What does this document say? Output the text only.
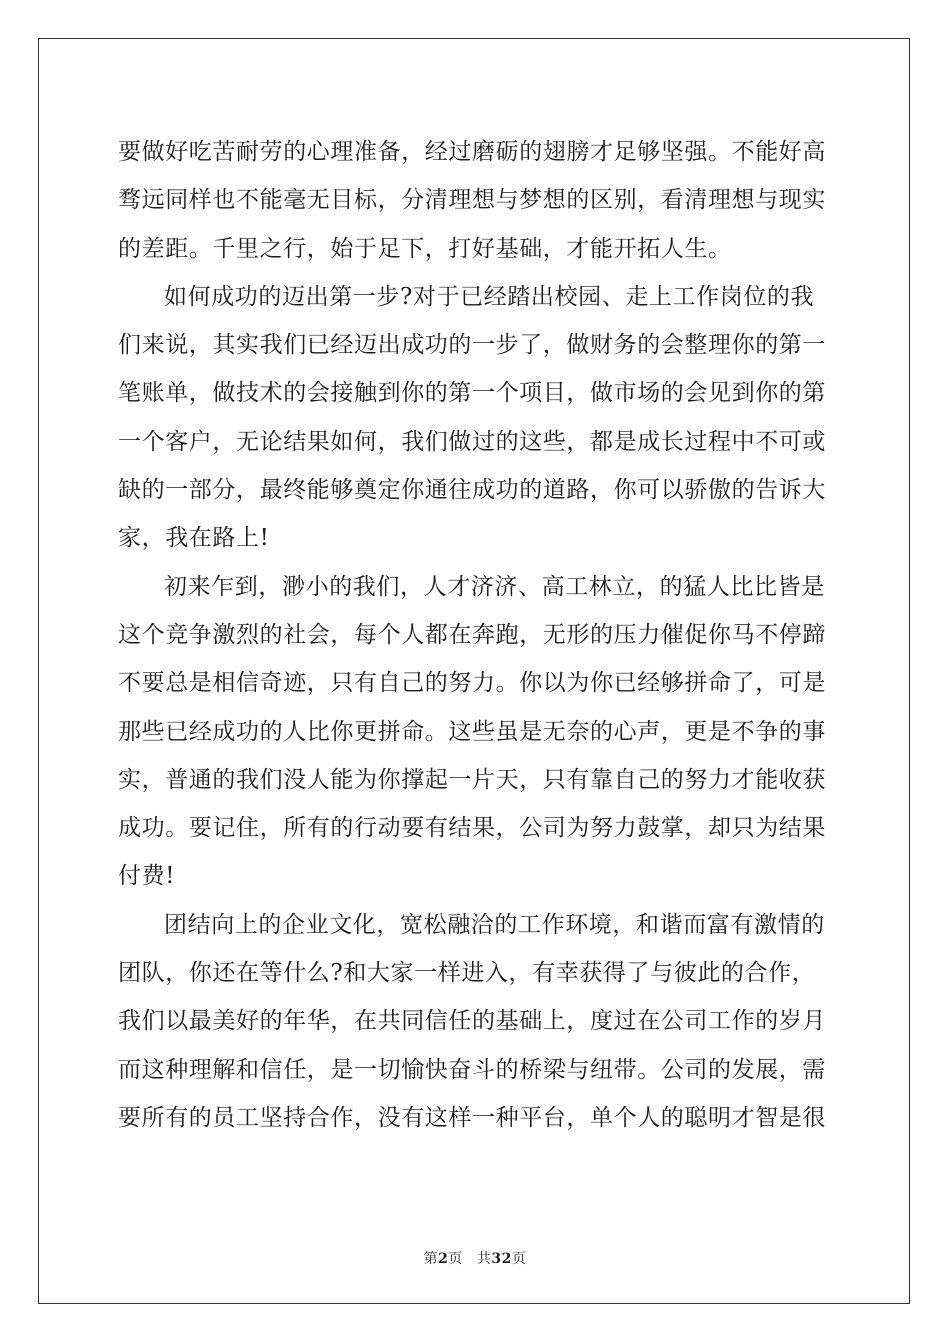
要做好吃苦耐劳的心理准备，经过磨砺的翅膀才足够坚强。不能好高
骛远同样也不能毫无目标，分清理想与梦想的区别，看清理想与现实
的差距。千里之行，始于足下，打好基础，才能开拓人生。
如何成功的迈出第一步?对于已经踏出校园、走上工作岗位的我
们来说，其实我们已经迈出成功的一步了，做财务的会整理你的第一
笔账单，做技术的会接触到你的第一个项目，做市场的会见到你的第
一个客户，无论结果如何，我们做过的这些，都是成长过程中不可或
缺的一部分，最终能够奠定你通往成功的道路，你可以骄傲的告诉大
家，我在路上!
初来乍到，渺小的我们，人才济济、高工林立，的猛人比比皆是
这个竞争激烈的社会，每个人都在奔跑，无形的压力催促你马不停蹄
不要总是相信奇迹，只有自己的努力。你以为你已经够拼命了，可是
那些已经成功的人比你更拼命。这些虽是无奈的心声，更是不争的事
实，普通的我们没人能为你撑起一片天，只有靠自己的努力才能收获
成功。要记住，所有的行动要有结果，公司为努力鼓掌，却只为结果
付费!
团结向上的企业文化，宽松融洽的工作环境，和谐而富有激情的
团队，你还在等什么?和大家一样进入，有幸获得了与彼此的合作，
我们以最美好的年华，在共同信任的基础上，度过在公司工作的岁月
而这种理解和信任，是一切愉快奋斗的桥梁与纽带。公司的发展，需
要所有的员工坚持合作，没有这样一种平台，单个人的聪明才智是很
第2页 共32页
